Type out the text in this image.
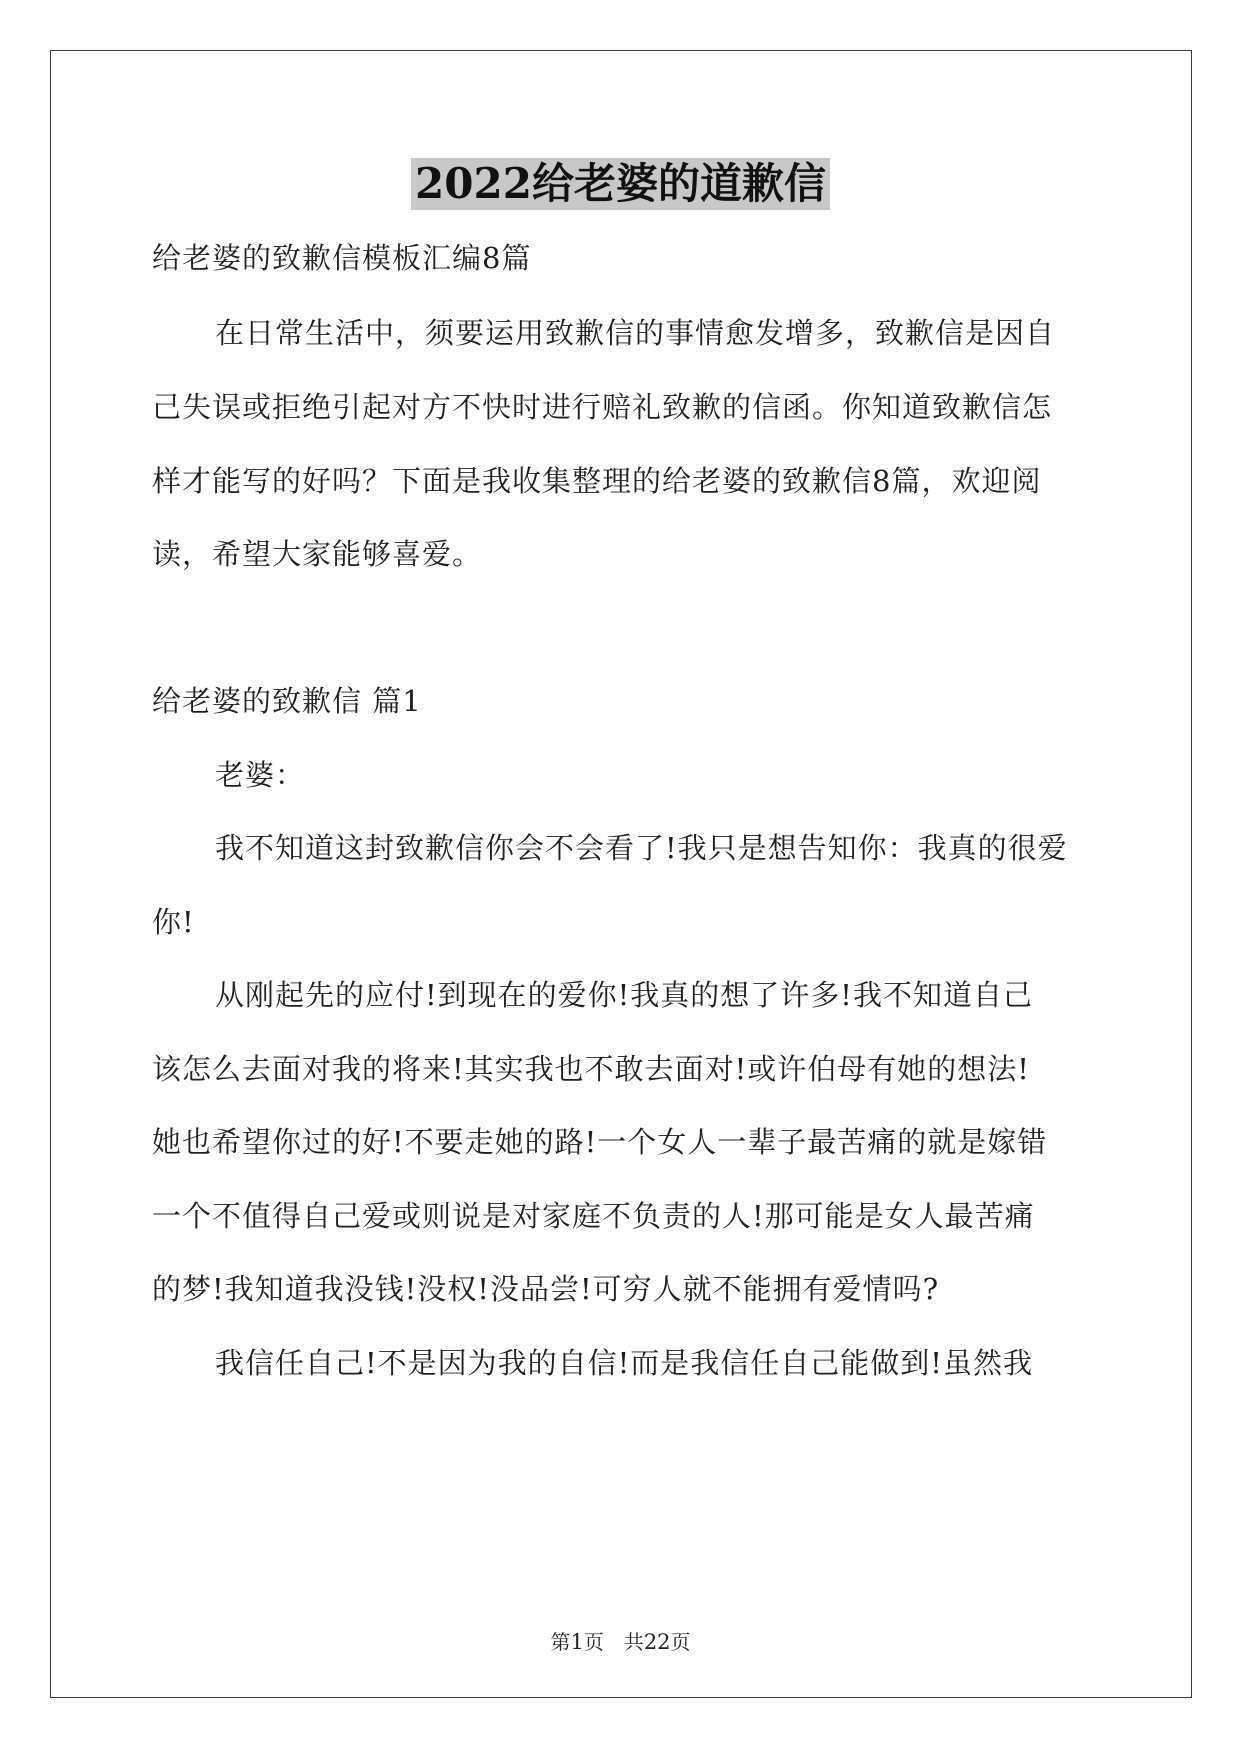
2022给老婆的道歉信
给老婆的致歉信模板汇编8篇
在日常生活中，须要运用致歉信的事情愈发增多，致歉信是因自
己失误或拒绝引起对方不快时进行赔礼致歉的信函。你知道致歉信怎
样才能写的好吗？下面是我收集整理的给老婆的致歉信8篇，欢迎阅
读，希望大家能够喜爱。
给老婆的致歉信 篇1
老婆：
我不知道这封致歉信你会不会看了!我只是想告知你：我真的很爱
你!
从刚起先的应付!到现在的爱你!我真的想了许多!我不知道自己
该怎么去面对我的将来!其实我也不敢去面对!或许伯母有她的想法!
她也希望你过的好!不要走她的路!一个女人一辈子最苦痛的就是嫁错
一个不值得自己爱或则说是对家庭不负责的人!那可能是女人最苦痛
的梦!我知道我没钱!没权!没品尝!可穷人就不能拥有爱情吗?
我信任自己!不是因为我的自信!而是我信任自己能做到!虽然我
第1页　共22页
